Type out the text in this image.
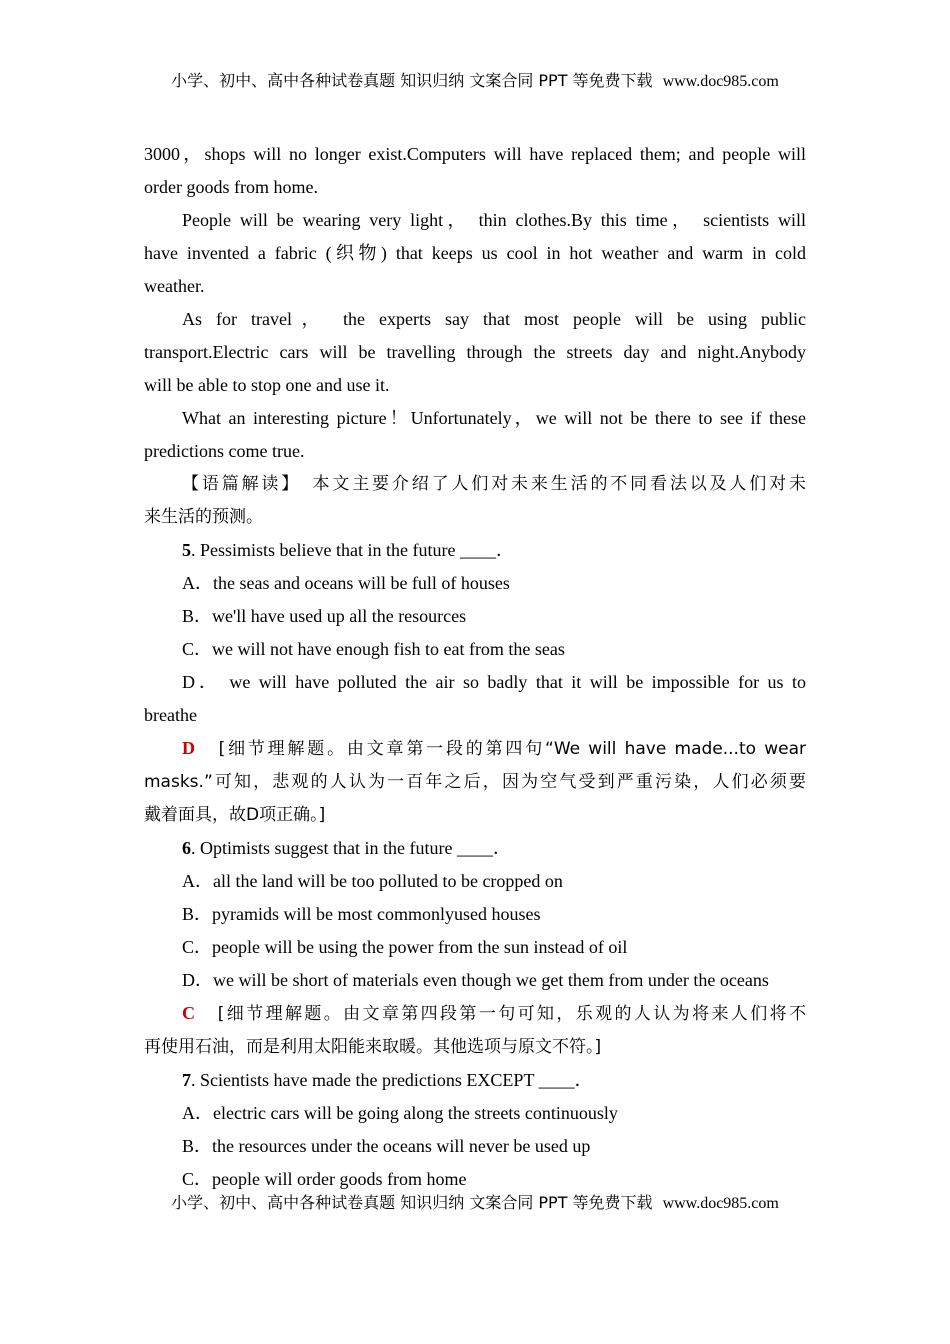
小学、初中、高中各种试卷真题 知识归纳 文案合同 PPT 等免费下载 www.doc985.com

3000，shops will no longer exist.Computers will have replaced them; and people will

order goods from home.

People will be wearing very light， thin clothes.By this time， scientists will

have invented a fabric (织物) that keeps us cool in hot weather and warm in cold

weather.

As for travel， the experts say that most people will be using public

transport.Electric cars will be travelling through the streets day and night.Anybody

will be able to stop one and use it.

What an interesting picture！Unfortunately，we will not be there to see if these

predictions come true.

【语篇解读】　本文主要介绍了人们对未来生活的不同看法以及人们对未

来生活的预测。

5. Pessimists believe that in the future ____．

A．the seas and oceans will be full of houses

B．we'll have used up all the resources

C．we will not have enough fish to eat from the seas

D． we will have polluted the air so badly that it will be impossible for us to

breathe

D　 [细节理解题。由文章第一段的第四句“We will have made...to wear

masks.”可知，悲观的人认为一百年之后，因为空气受到严重污染，人们必须要

戴着面具，故D项正确。]

6. Optimists suggest that in the future ____．

A．all the land will be too polluted to be cropped on

B．pyramids will be most commonlyused houses

C．people will be using the power from the sun instead of oil

D．we will be short of materials even though we get them from under the oceans

C　 [细节理解题。由文章第四段第一句可知，乐观的人认为将来人们将不

再使用石油，而是利用太阳能来取暖。其他选项与原文不符。]

7. Scientists have made the predictions EXCEPT ____．

A．electric cars will be going along the streets continuously

B．the resources under the oceans will never be used up

C．people will order goods from home

小学、初中、高中各种试卷真题 知识归纳 文案合同 PPT 等免费下载 www.doc985.com
